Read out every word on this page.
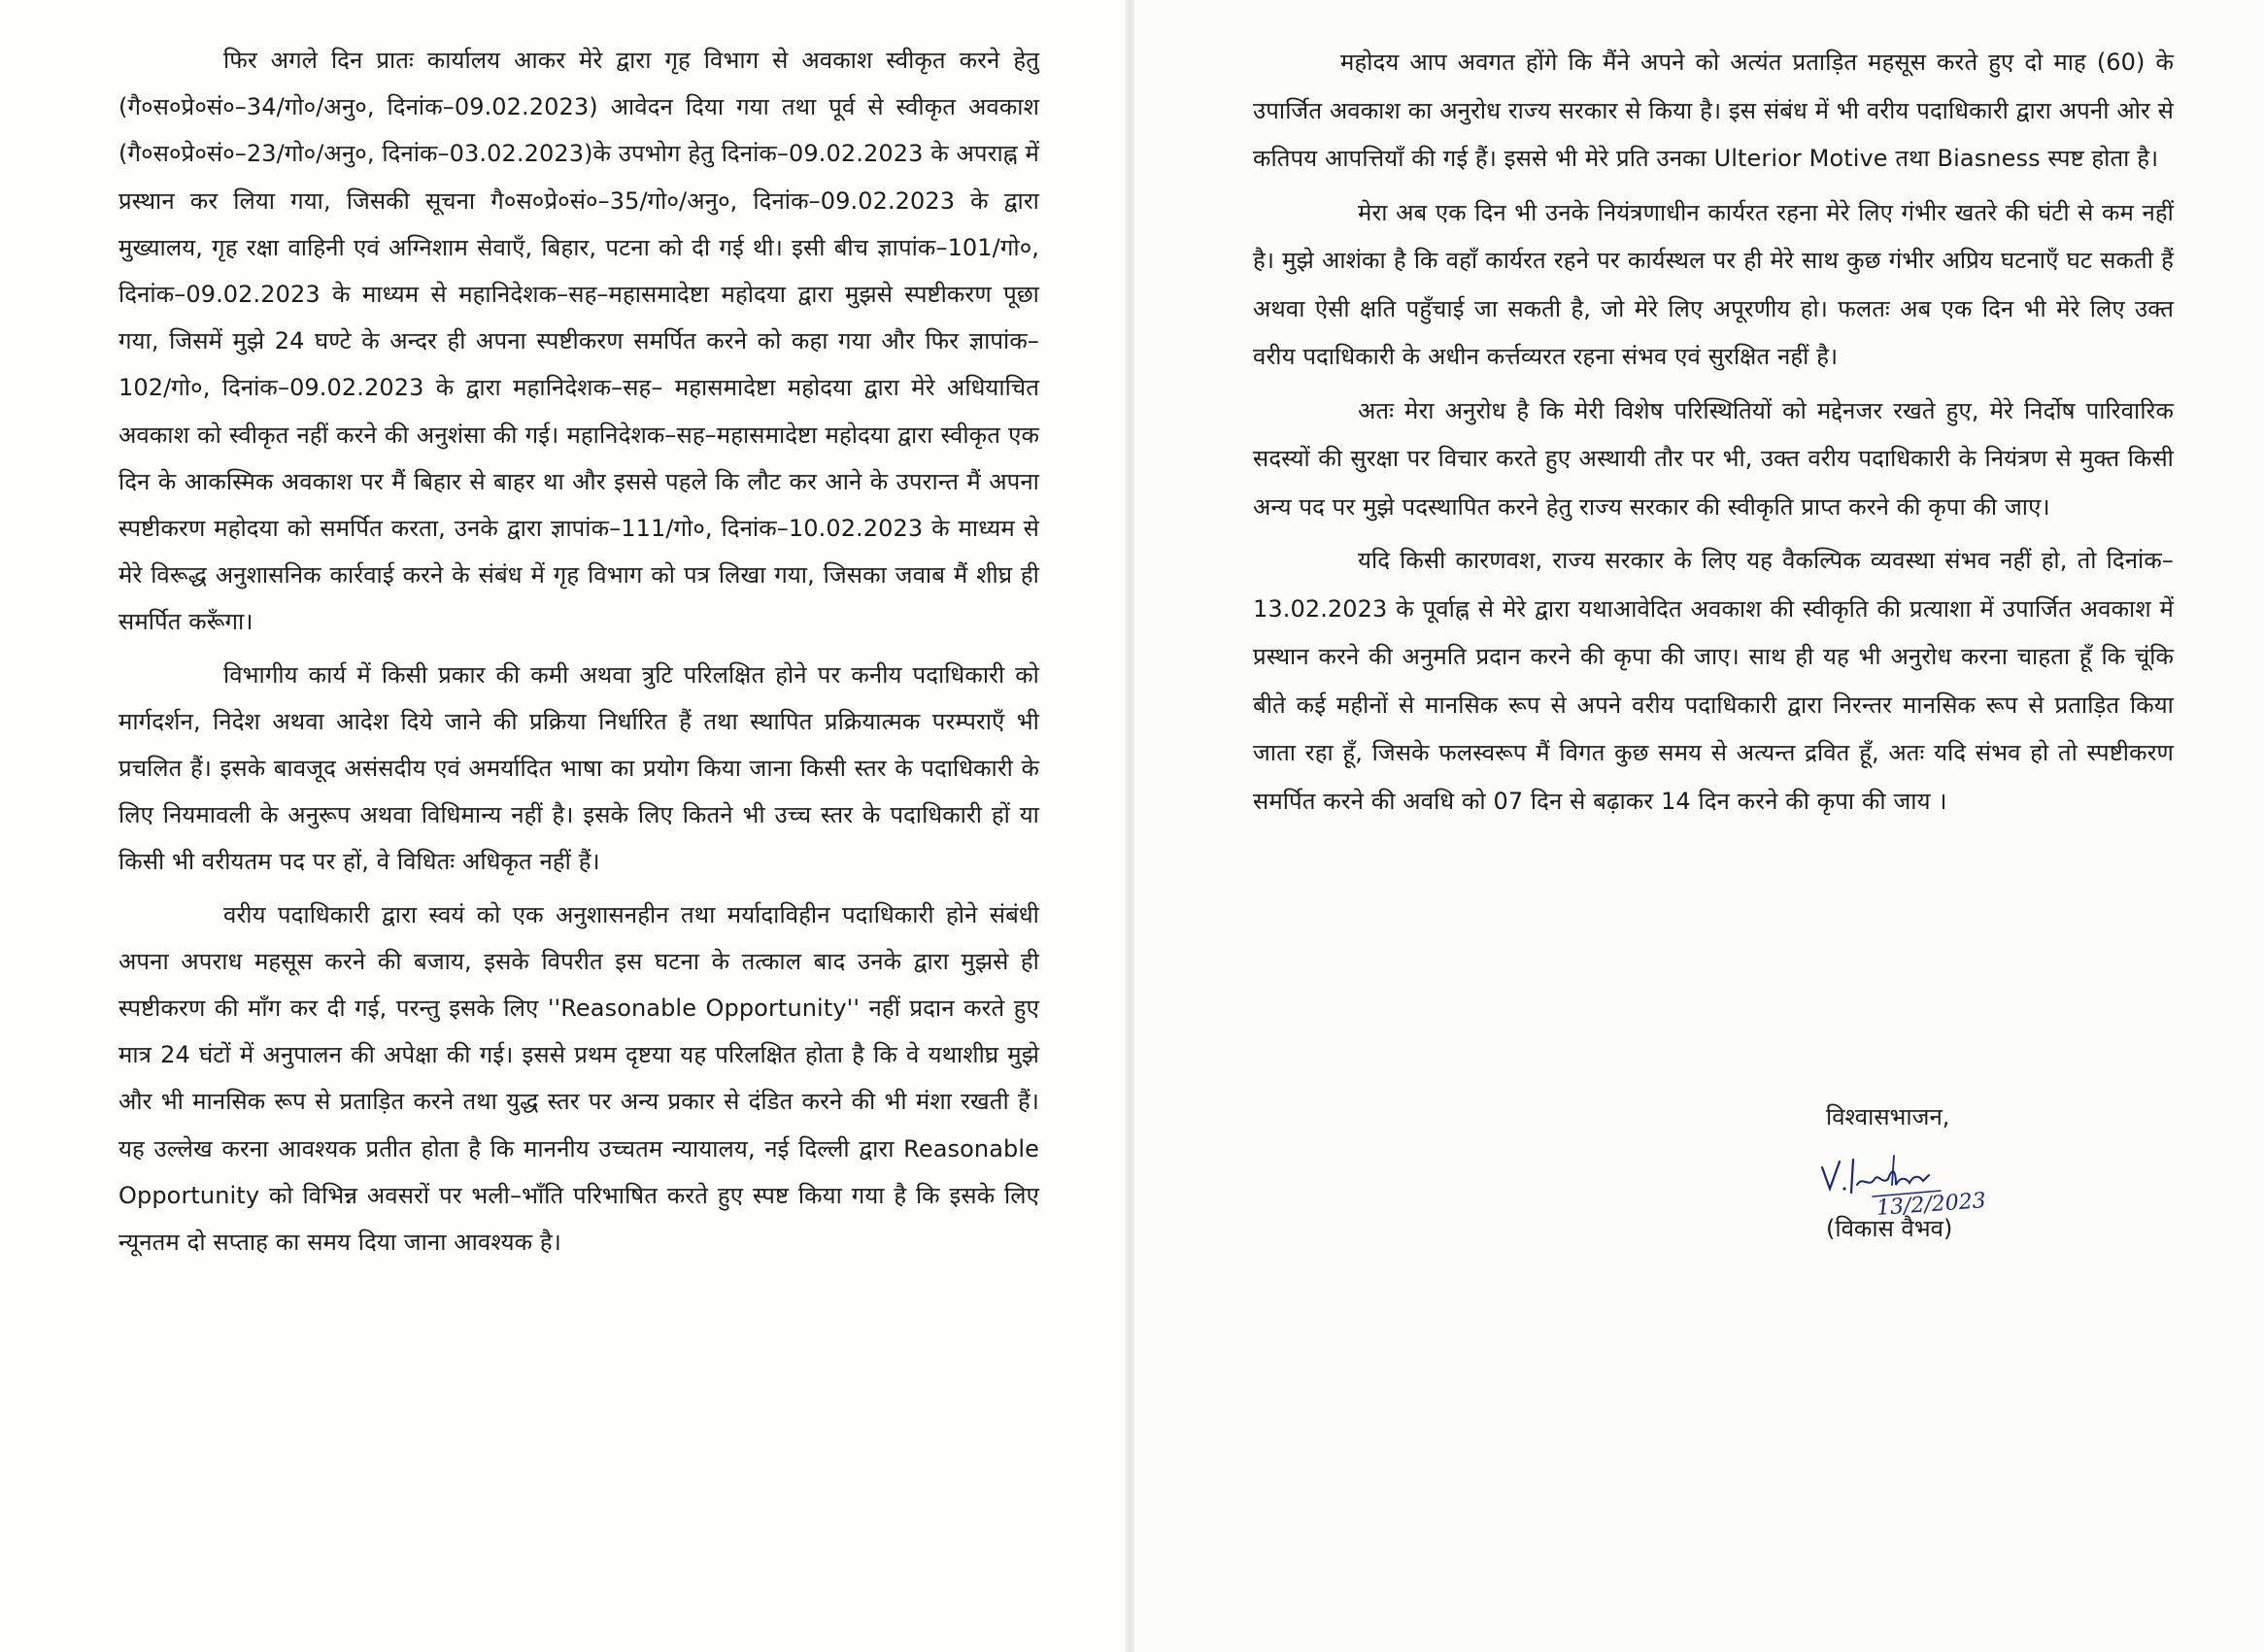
फिर अगले दिन प्रातः कार्यालय आकर मेरे द्वारा गृह विभाग से अवकाश स्वीकृत करने हेतु (गै०स०प्रे०सं०–34/गो०/अनु०, दिनांक–09.02.2023) आवेदन दिया गया तथा पूर्व से स्वीकृत अवकाश (गै०स०प्रे०सं०–23/गो०/अनु०, दिनांक–03.02.2023)के उपभोग हेतु दिनांक–09.02.2023 के अपराह्न में प्रस्थान कर लिया गया, जिसकी सूचना गै०स०प्रे०सं०–35/गो०/अनु०, दिनांक–09.02.2023 के द्वारा मुख्यालय, गृह रक्षा वाहिनी एवं अग्निशाम सेवाएँ, बिहार, पटना को दी गई थी। इसी बीच ज्ञापांक–101/गो०, दिनांक–09.02.2023 के माध्यम से महानिदेशक–सह–महासमादेष्टा महोदया द्वारा मुझसे स्पष्टीकरण पूछा गया, जिसमें मुझे 24 घण्टे के अन्दर ही अपना स्पष्टीकरण समर्पित करने को कहा गया और फिर ज्ञापांक–102/गो०, दिनांक–09.02.2023 के द्वारा महानिदेशक–सह– महासमादेष्टा महोदया द्वारा मेरे अधियाचित अवकाश को स्वीकृत नहीं करने की अनुशंसा की गई। महानिदेशक–सह–महासमादेष्टा महोदया द्वारा स्वीकृत एक दिन के आकस्मिक अवकाश पर मैं बिहार से बाहर था और इससे पहले कि लौट कर आने के उपरान्त मैं अपना स्पष्टीकरण महोदया को समर्पित करता, उनके द्वारा ज्ञापांक–111/गो०, दिनांक–10.02.2023 के माध्यम से मेरे विरूद्ध अनुशासनिक कार्रवाई करने के संबंध में गृह विभाग को पत्र लिखा गया, जिसका जवाब मैं शीघ्र ही समर्पित करूँगा।

विभागीय कार्य में किसी प्रकार की कमी अथवा त्रुटि परिलक्षित होने पर कनीय पदाधिकारी को मार्गदर्शन, निदेश अथवा आदेश दिये जाने की प्रक्रिया निर्धारित हैं तथा स्थापित प्रक्रियात्मक परम्पराएँ भी प्रचलित हैं। इसके बावजूद असंसदीय एवं अमर्यादित भाषा का प्रयोग किया जाना किसी स्तर के पदाधिकारी के लिए नियमावली के अनुरूप अथवा विधिमान्य नहीं है। इसके लिए कितने भी उच्च स्तर के पदाधिकारी हों या किसी भी वरीयतम पद पर हों, वे विधितः अधिकृत नहीं हैं।

वरीय पदाधिकारी द्वारा स्वयं को एक अनुशासनहीन तथा मर्यादाविहीन पदाधिकारी होने संबंधी अपना अपराध महसूस करने की बजाय, इसके विपरीत इस घटना के तत्काल बाद उनके द्वारा मुझसे ही स्पष्टीकरण की माँग कर दी गई, परन्तु इसके लिए ''Reasonable Opportunity'' नहीं प्रदान करते हुए मात्र 24 घंटों में अनुपालन की अपेक्षा की गई। इससे प्रथम दृष्टया यह परिलक्षित होता है कि वे यथाशीघ्र मुझे और भी मानसिक रूप से प्रताड़ित करने तथा युद्ध स्तर पर अन्य प्रकार से दंडित करने की भी मंशा रखती हैं। यह उल्लेख करना आवश्यक प्रतीत होता है कि माननीय उच्चतम न्यायालय, नई दिल्ली द्वारा Reasonable Opportunity को विभिन्न अवसरों पर भली–भाँति परिभाषित करते हुए स्पष्ट किया गया है कि इसके लिए न्यूनतम दो सप्ताह का समय दिया जाना आवश्यक है।

महोदय आप अवगत होंगे कि मैंने अपने को अत्यंत प्रताड़ित महसूस करते हुए दो माह (60) के उपार्जित अवकाश का अनुरोध राज्य सरकार से किया है। इस संबंध में भी वरीय पदाधिकारी द्वारा अपनी ओर से कतिपय आपत्तियाँ की गई हैं। इससे भी मेरे प्रति उनका Ulterior Motive तथा Biasness स्पष्ट होता है।

मेरा अब एक दिन भी उनके नियंत्रणाधीन कार्यरत रहना मेरे लिए गंभीर खतरे की घंटी से कम नहीं है। मुझे आशंका है कि वहाँ कार्यरत रहने पर कार्यस्थल पर ही मेरे साथ कुछ गंभीर अप्रिय घटनाएँ घट सकती हैं अथवा ऐसी क्षति पहुँचाई जा सकती है, जो मेरे लिए अपूरणीय हो। फलतः अब एक दिन भी मेरे लिए उक्त वरीय पदाधिकारी के अधीन कर्त्तव्यरत रहना संभव एवं सुरक्षित नहीं है।

अतः मेरा अनुरोध है कि मेरी विशेष परिस्थितियों को मद्देनजर रखते हुए, मेरे निर्दोष पारिवारिक सदस्यों की सुरक्षा पर विचार करते हुए अस्थायी तौर पर भी, उक्त वरीय पदाधिकारी के नियंत्रण से मुक्त किसी अन्य पद पर मुझे पदस्थापित करने हेतु राज्य सरकार की स्वीकृति प्राप्त करने की कृपा की जाए।

यदि किसी कारणवश, राज्य सरकार के लिए यह वैकल्पिक व्यवस्था संभव नहीं हो, तो दिनांक–13.02.2023 के पूर्वाह्न से मेरे द्वारा यथाआवेदित अवकाश की स्वीकृति की प्रत्याशा में उपार्जित अवकाश में प्रस्थान करने की अनुमति प्रदान करने की कृपा की जाए। साथ ही यह भी अनुरोध करना चाहता हूँ कि चूंकि बीते कई महीनों से मानसिक रूप से अपने वरीय पदाधिकारी द्वारा निरन्तर मानसिक रूप से प्रताड़ित किया जाता रहा हूँ, जिसके फलस्वरूप मैं विगत कुछ समय से अत्यन्त द्रवित हूँ, अतः यदि संभव हो तो स्पष्टीकरण समर्पित करने की अवधि को 07 दिन से बढ़ाकर 14 दिन करने की कृपा की जाय ।

विश्वासभाजन,
13/2/2023
(विकास वैभव)
